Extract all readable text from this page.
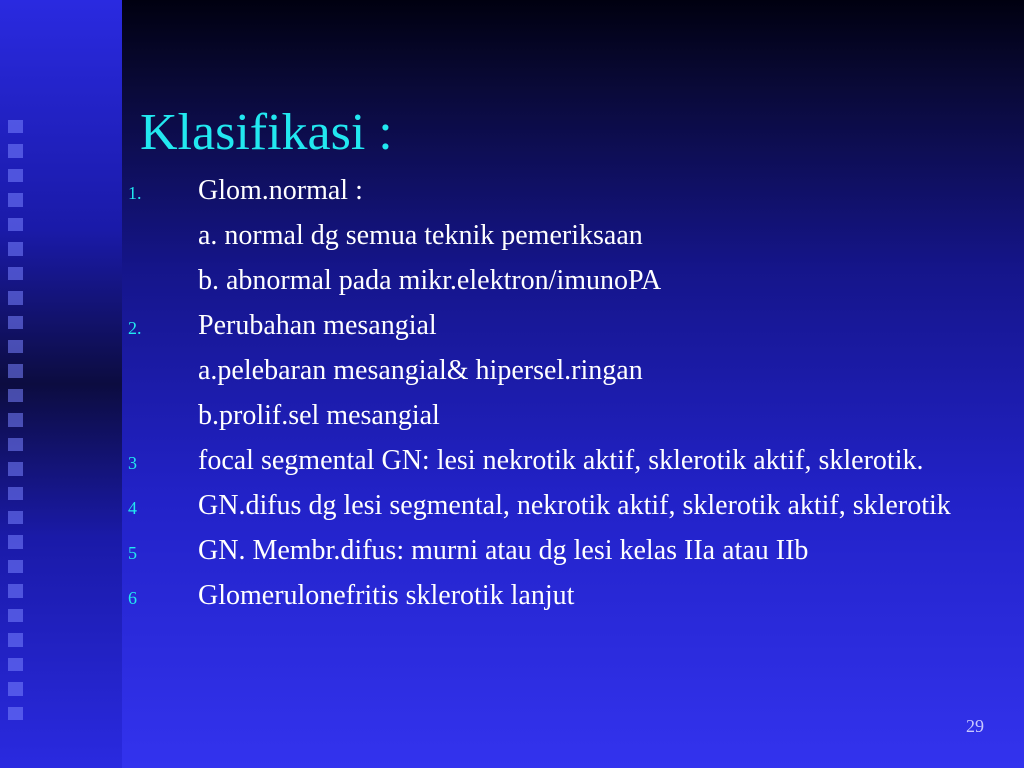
Klasifikasi :
1. Glom.normal :
a. normal dg semua teknik pemeriksaan
b. abnormal pada mikr.elektron/imunoPA
2. Perubahan mesangial
a.pelebaran mesangial& hipersel.ringan
b.prolif.sel mesangial
3 focal segmental GN: lesi nekrotik aktif, sklerotik aktif, sklerotik.
4 GN.difus dg lesi segmental, nekrotik aktif, sklerotik aktif, sklerotik
5 GN. Membr.difus: murni atau dg lesi kelas IIa atau IIb
6 Glomerulonefritis sklerotik lanjut
29
